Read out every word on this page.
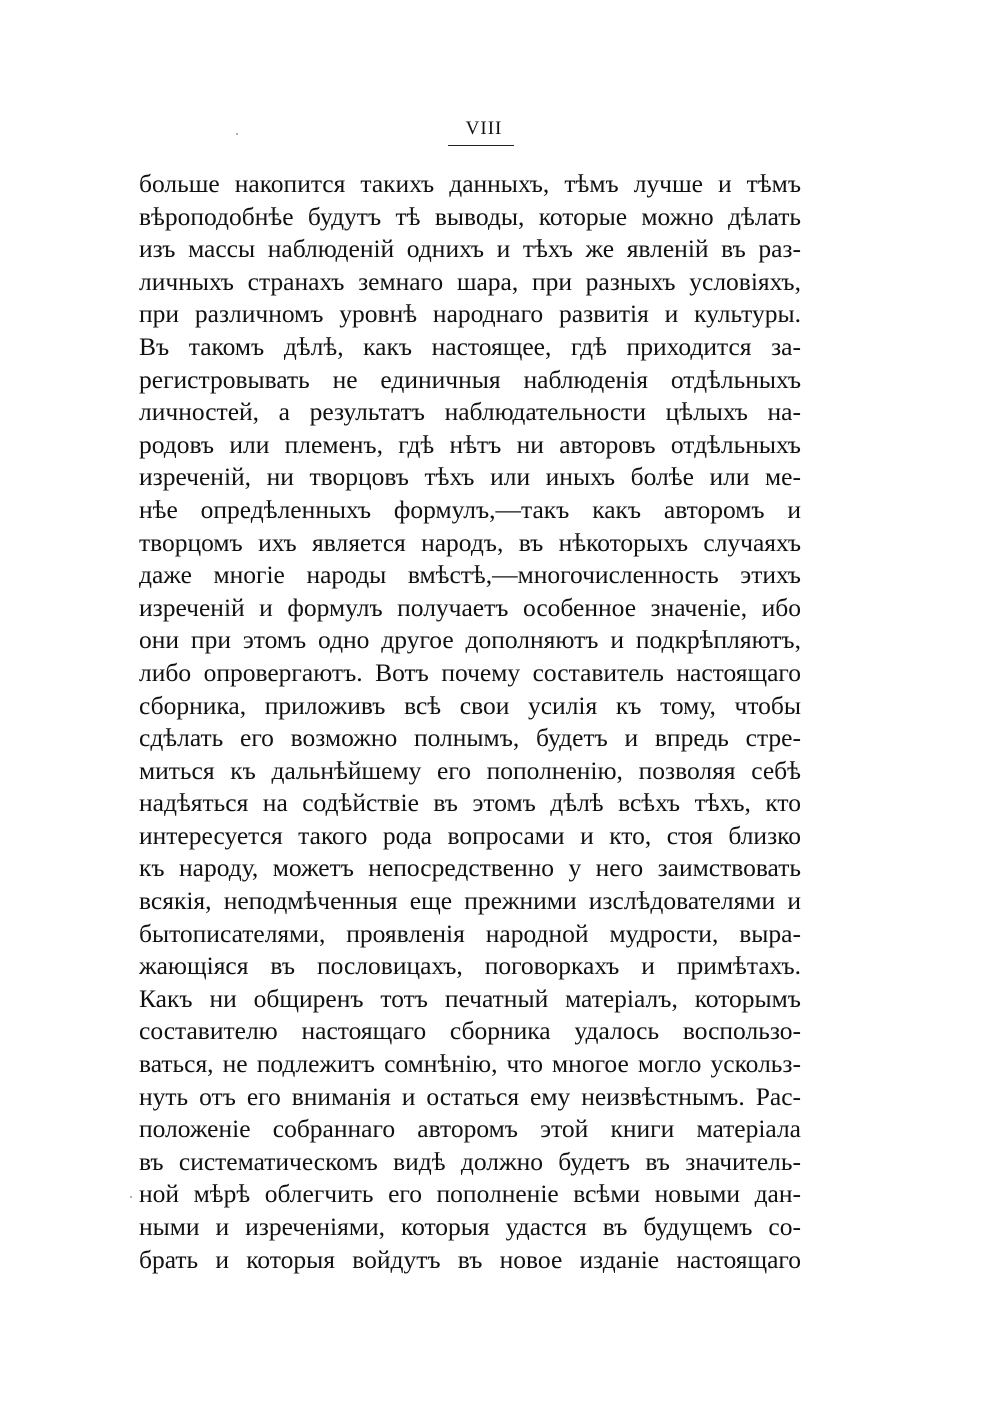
VIII
больше накопится такихъ данныхъ, тѣмъ лучше и тѣмъ
вѣроподобнѣе будутъ тѣ выводы, которые можно дѣлать
изъ массы наблюденій однихъ и тѣхъ же явленій въ раз-
личныхъ странахъ земнаго шара, при разныхъ условіяхъ,
при различномъ уровнѣ народнаго развитія и культуры.
Въ такомъ дѣлѣ, какъ настоящее, гдѣ приходится за-
регистровывать не единичныя наблюденія отдѣльныхъ
личностей, а результатъ наблюдательности цѣлыхъ на-
родовъ или племенъ, гдѣ нѣтъ ни авторовъ отдѣльныхъ
изреченій, ни творцовъ тѣхъ или иныхъ болѣе или ме-
нѣе опредѣленныхъ формулъ,—такъ какъ авторомъ и
творцомъ ихъ является народъ, въ нѣкоторыхъ случаяхъ
даже многіе народы вмѣстѣ,—многочисленность этихъ
изреченій и формулъ получаетъ особенное значеніе, ибо
они при этомъ одно другое дополняютъ и подкрѣпляютъ,
либо опровергаютъ. Вотъ почему составитель настоящаго
сборника, приложивъ всѣ свои усилія къ тому, чтобы
сдѣлать его возможно полнымъ, будетъ и впредь стре-
миться къ дальнѣйшему его пополненію, позволяя себѣ
надѣяться на содѣйствіе въ этомъ дѣлѣ всѣхъ тѣхъ, кто
интересуется такого рода вопросами и кто, стоя близко
къ народу, можетъ непосредственно у него заимствовать
всякія, неподмѣченныя еще прежними изслѣдователями и
бытописателями, проявленія народной мудрости, выра-
жающіяся въ пословицахъ, поговоркахъ и примѣтахъ.
Какъ ни общиренъ тотъ печатный матеріалъ, которымъ
составителю настоящаго сборника удалось воспользо-
ваться, не подлежитъ сомнѣнію, что многое могло ускольз-
нуть отъ его вниманія и остаться ему неизвѣстнымъ. Рас-
положеніе собраннаго авторомъ этой книги матеріала
въ систематическомъ видѣ должно будетъ въ значитель-
ной мѣрѣ облегчить его пополненіе всѣми новыми дан-
ными и изреченіями, которыя удастся въ будущемъ со-
брать и которыя войдутъ въ новое изданіе настоящаго
